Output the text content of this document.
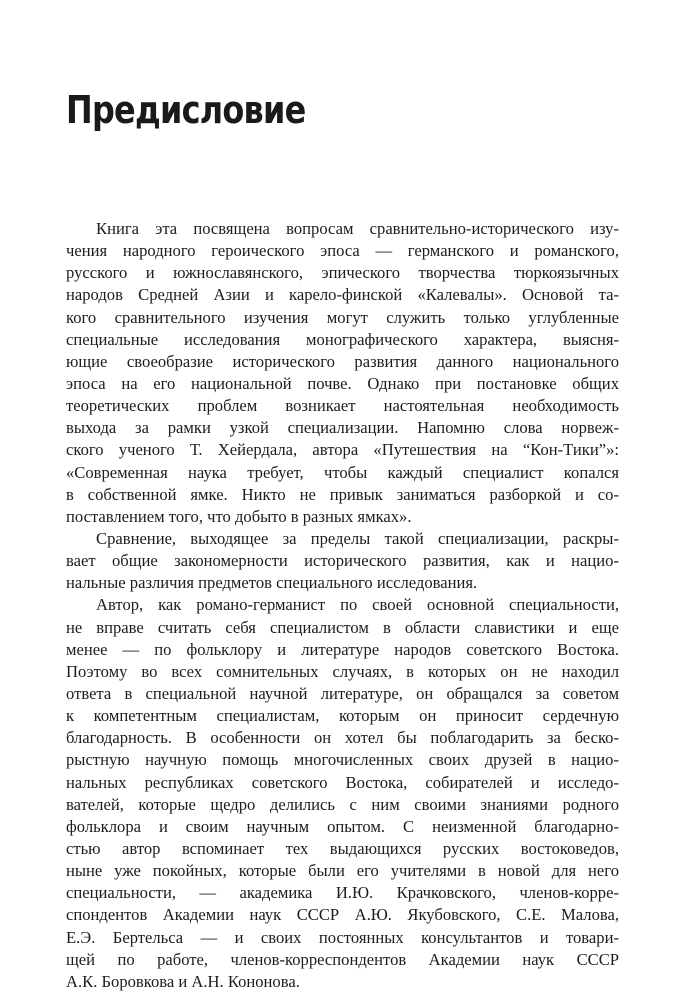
Предисловие
Книга эта посвящена вопросам сравнительно-исторического изу-
чения народного героического эпоса — германского и романского,
русского и южнославянского, эпического творчества тюркоязычных
народов Средней Азии и карело-финской «Калевалы». Основой та-
кого сравнительного изучения могут служить только углубленные
специальные исследования монографического характера, выясня-
ющие своеобразие исторического развития данного национального
эпоса на его национальной почве. Однако при постановке общих
теоретических проблем возникает настоятельная необходимость
выхода за рамки узкой специализации. Напомню слова норвеж-
ского ученого Т. Хейердала, автора «Путешествия на “Кон-Тики”»:
«Современная наука требует, чтобы каждый специалист копался
в собственной ямке. Никто не привык заниматься разборкой и со-
поставлением того, что добыто в разных ямках».
Сравнение, выходящее за пределы такой специализации, раскры-
вает общие закономерности исторического развития, как и нацио-
нальные различия предметов специального исследования.
Автор, как романо-германист по своей основной специальности,
не вправе считать себя специалистом в области славистики и еще
менее — по фольклору и литературе народов советского Востока.
Поэтому во всех сомнительных случаях, в которых он не находил
ответа в специальной научной литературе, он обращался за советом
к компетентным специалистам, которым он приносит сердечную
благодарность. В особенности он хотел бы поблагодарить за беско-
рыстную научную помощь многочисленных своих друзей в нацио-
нальных республиках советского Востока, собирателей и исследо-
вателей, которые щедро делились с ним своими знаниями родного
фольклора и своим научным опытом. С неизменной благодарно-
стью автор вспоминает тех выдающихся русских востоковедов,
ныне уже покойных, которые были его учителями в новой для него
специальности, — академика И.Ю. Крачковского, членов-корре-
спондентов Академии наук СССР А.Ю. Якубовского, С.Е. Малова,
Е.Э. Бертельса — и своих постоянных консультантов и товари-
щей по работе, членов-корреспондентов Академии наук СССР
А.К. Боровкова и А.Н. Кононова.
